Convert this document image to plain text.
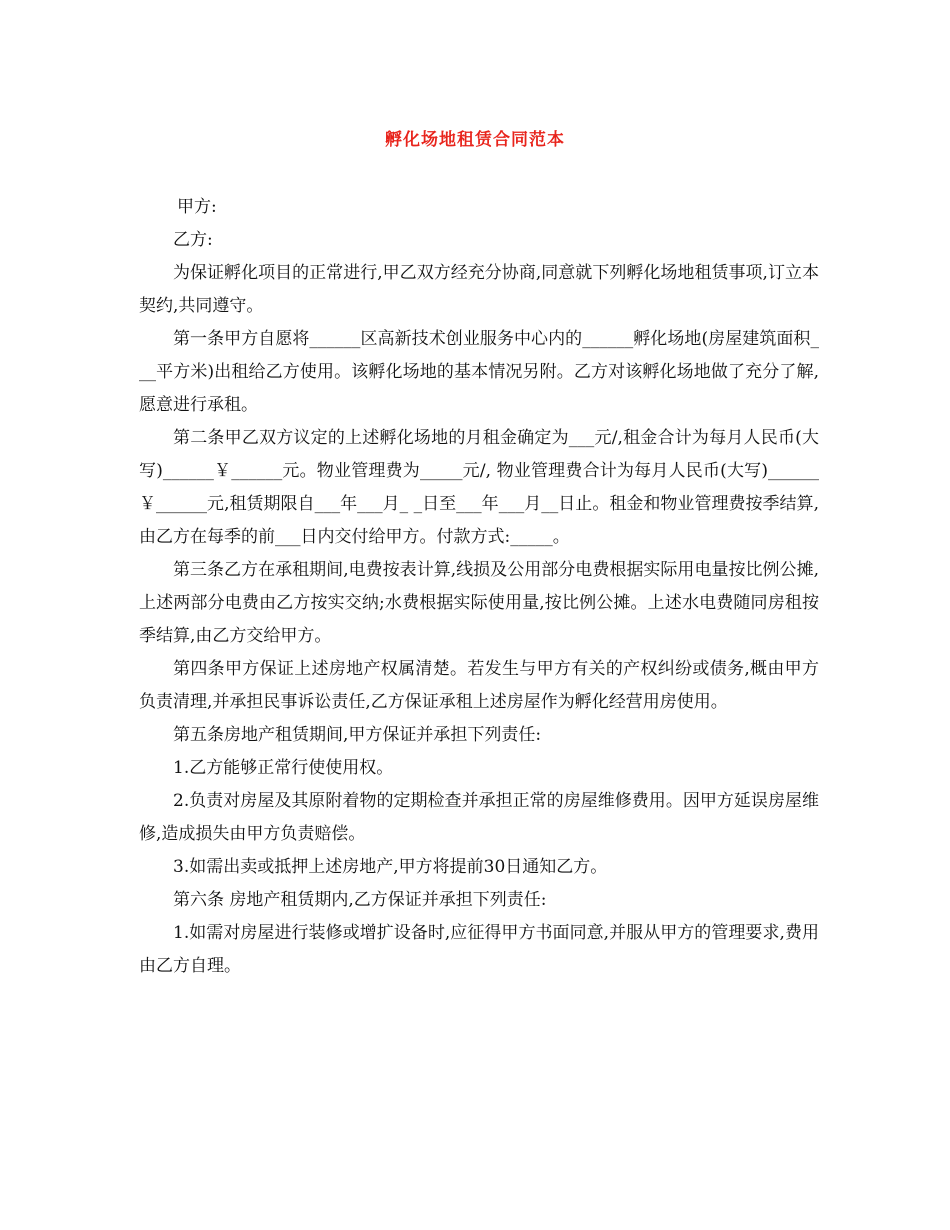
孵化场地租赁合同范本

甲方:

乙方:

为保证孵化项目的正常进行,甲乙双方经充分协商,同意就下列孵化场地租赁事项,订立本契约,共同遵守。

第一条甲方自愿将______区高新技术创业服务中心内的______孵化场地(房屋建筑面积___平方米)出租给乙方使用。该孵化场地的基本情况另附。乙方对该孵化场地做了充分了解,愿意进行承租。

第二条甲乙双方议定的上述孵化场地的月租金确定为___元/,租金合计为每月人民币(大写)______￥______元。物业管理费为_____元/, 物业管理费合计为每月人民币(大写)______￥______元,租赁期限自___年___月_ _日至___年___月__日止。租金和物业管理费按季结算,由乙方在每季的前___日内交付给甲方。付款方式:_____。

第三条乙方在承租期间,电费按表计算,线损及公用部分电费根据实际用电量按比例公摊,上述两部分电费由乙方按实交纳;水费根据实际使用量,按比例公摊。上述水电费随同房租按季结算,由乙方交给甲方。

第四条甲方保证上述房地产权属清楚。若发生与甲方有关的产权纠纷或债务,概由甲方负责清理,并承担民事诉讼责任,乙方保证承租上述房屋作为孵化经营用房使用。

第五条房地产租赁期间,甲方保证并承担下列责任:

1.乙方能够正常行使使用权。

2.负责对房屋及其原附着物的定期检查并承担正常的房屋维修费用。因甲方延误房屋维修,造成损失由甲方负责赔偿。

3.如需出卖或抵押上述房地产,甲方将提前30日通知乙方。

第六条 房地产租赁期内,乙方保证并承担下列责任:

1.如需对房屋进行装修或增扩设备时,应征得甲方书面同意,并服从甲方的管理要求,费用由乙方自理。
